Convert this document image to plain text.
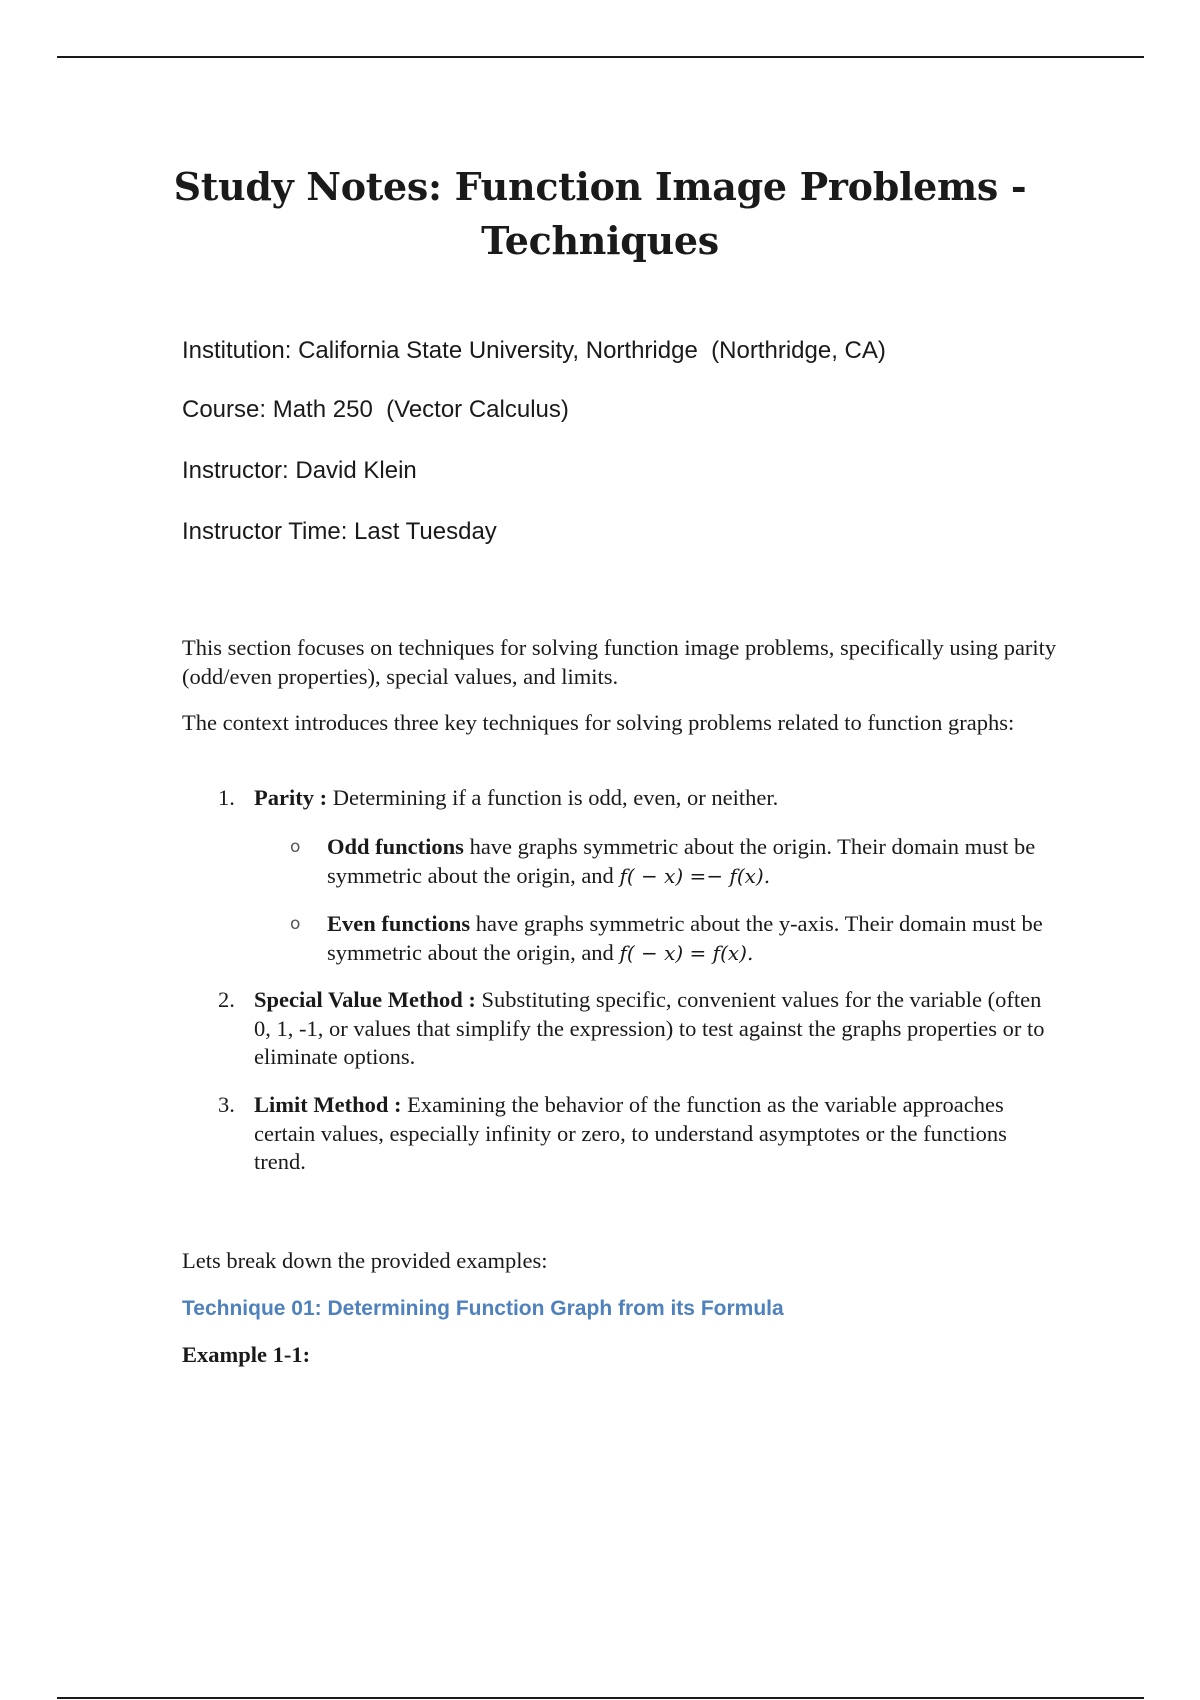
Study Notes: Function Image Problems - Techniques

Institution: California State University, Northridge (Northridge, CA)

Course: Math 250 (Vector Calculus)

Instructor: David Klein

Instructor Time: Last Tuesday

This section focuses on techniques for solving function image problems, specifically using parity (odd/even properties), special values, and limits.

The context introduces three key techniques for solving problems related to function graphs:

1. Parity : Determining if a function is odd, even, or neither.

o Odd functions have graphs symmetric about the origin. Their domain must be symmetric about the origin, and f( − x) =− f(x).

o Even functions have graphs symmetric about the y-axis. Their domain must be symmetric about the origin, and f( − x) = f(x).

2. Special Value Method : Substituting specific, convenient values for the variable (often 0, 1, -1, or values that simplify the expression) to test against the graphs properties or to eliminate options.

3. Limit Method : Examining the behavior of the function as the variable approaches certain values, especially infinity or zero, to understand asymptotes or the functions trend.

Lets break down the provided examples:

Technique 01: Determining Function Graph from its Formula

Example 1-1:
